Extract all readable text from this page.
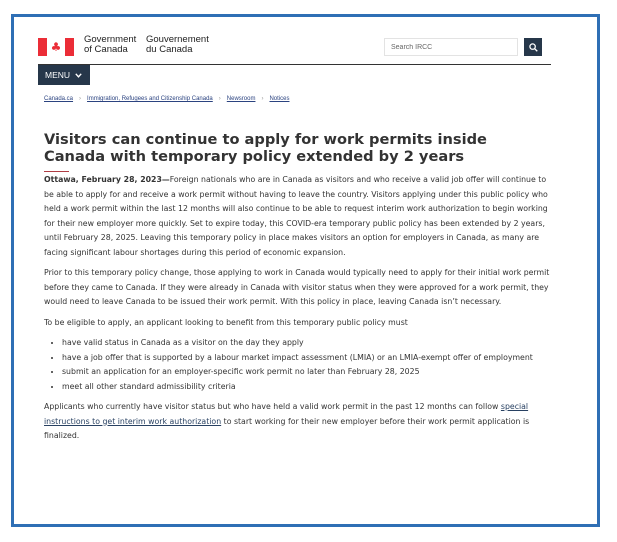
♣
Government
of Canada
Gouvernement
du Canada
Search IRCC
MENU
Canada.ca › Immigration, Refugees and Citizenship Canada › Newsroom › Notices
Visitors can continue to apply for work permits inside Canada with temporary policy extended by 2 years

Ottawa, February 28, 2023—Foreign nationals who are in Canada as visitors and who receive a valid job offer will continue to be able to apply for and receive a work permit without having to leave the country. Visitors applying under this public policy who held a work permit within the last 12 months will also continue to be able to request interim work authorization to begin working for their new employer more quickly. Set to expire today, this COVID-era temporary public policy has been extended by 2 years, until February 28, 2025. Leaving this temporary policy in place makes visitors an option for employers in Canada, as many are facing significant labour shortages during this period of economic expansion.

Prior to this temporary policy change, those applying to work in Canada would typically need to apply for their initial work permit before they came to Canada. If they were already in Canada with visitor status when they were approved for a work permit, they would need to leave Canada to be issued their work permit. With this policy in place, leaving Canada isn’t necessary.

To be eligible to apply, an applicant looking to benefit from this temporary public policy must

• have valid status in Canada as a visitor on the day they apply
• have a job offer that is supported by a labour market impact assessment (LMIA) or an LMIA-exempt offer of employment
• submit an application for an employer-specific work permit no later than February 28, 2025
• meet all other standard admissibility criteria

Applicants who currently have visitor status but who have held a valid work permit in the past 12 months can follow special instructions to get interim work authorization to start working for their new employer before their work permit application is finalized.
